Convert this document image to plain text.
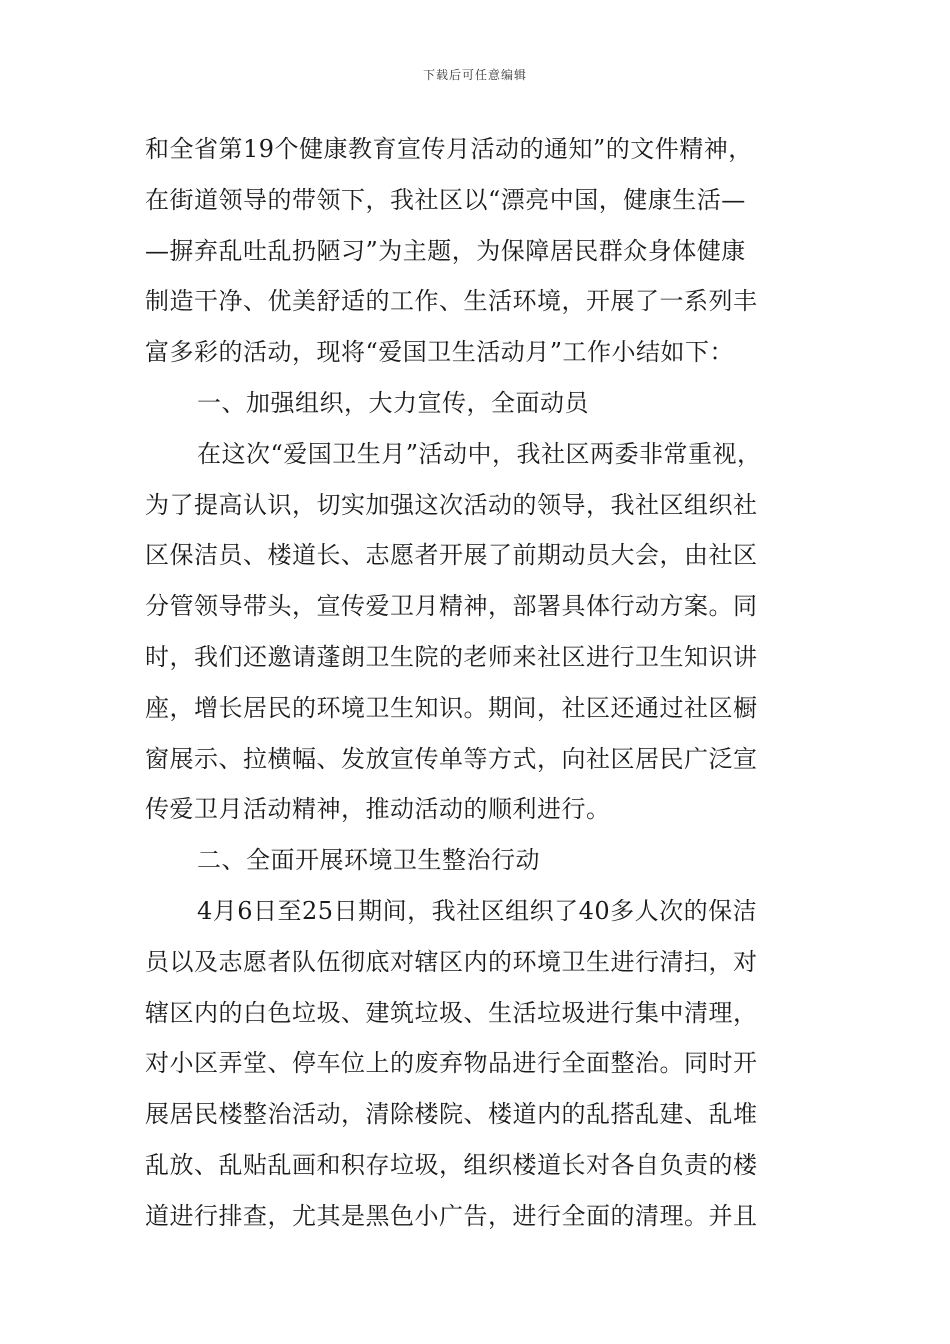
下载后可任意编辑
和全省第19个健康教育宣传月活动的通知”的文件精神，
在街道领导的带领下，我社区以“漂亮中国，健康生活—
—摒弃乱吐乱扔陋习”为主题，为保障居民群众身体健康
制造干净、优美舒适的工作、生活环境，开展了一系列丰
富多彩的活动，现将“爱国卫生活动月”工作小结如下：
一、加强组织，大力宣传，全面动员
在这次“爱国卫生月”活动中，我社区两委非常重视，
为了提高认识，切实加强这次活动的领导，我社区组织社
区保洁员、楼道长、志愿者开展了前期动员大会，由社区
分管领导带头，宣传爱卫月精神，部署具体行动方案。同
时，我们还邀请蓬朗卫生院的老师来社区进行卫生知识讲
座，增长居民的环境卫生知识。期间，社区还通过社区橱
窗展示、拉横幅、发放宣传单等方式，向社区居民广泛宣
传爱卫月活动精神，推动活动的顺利进行。
二、全面开展环境卫生整治行动
4月6日至25日期间，我社区组织了40多人次的保洁
员以及志愿者队伍彻底对辖区内的环境卫生进行清扫，对
辖区内的白色垃圾、建筑垃圾、生活垃圾进行集中清理，
对小区弄堂、停车位上的废弃物品进行全面整治。同时开
展居民楼整治活动，清除楼院、楼道内的乱搭乱建、乱堆
乱放、乱贴乱画和积存垃圾，组织楼道长对各自负责的楼
道进行排查，尤其是黑色小广告，进行全面的清理。并且
